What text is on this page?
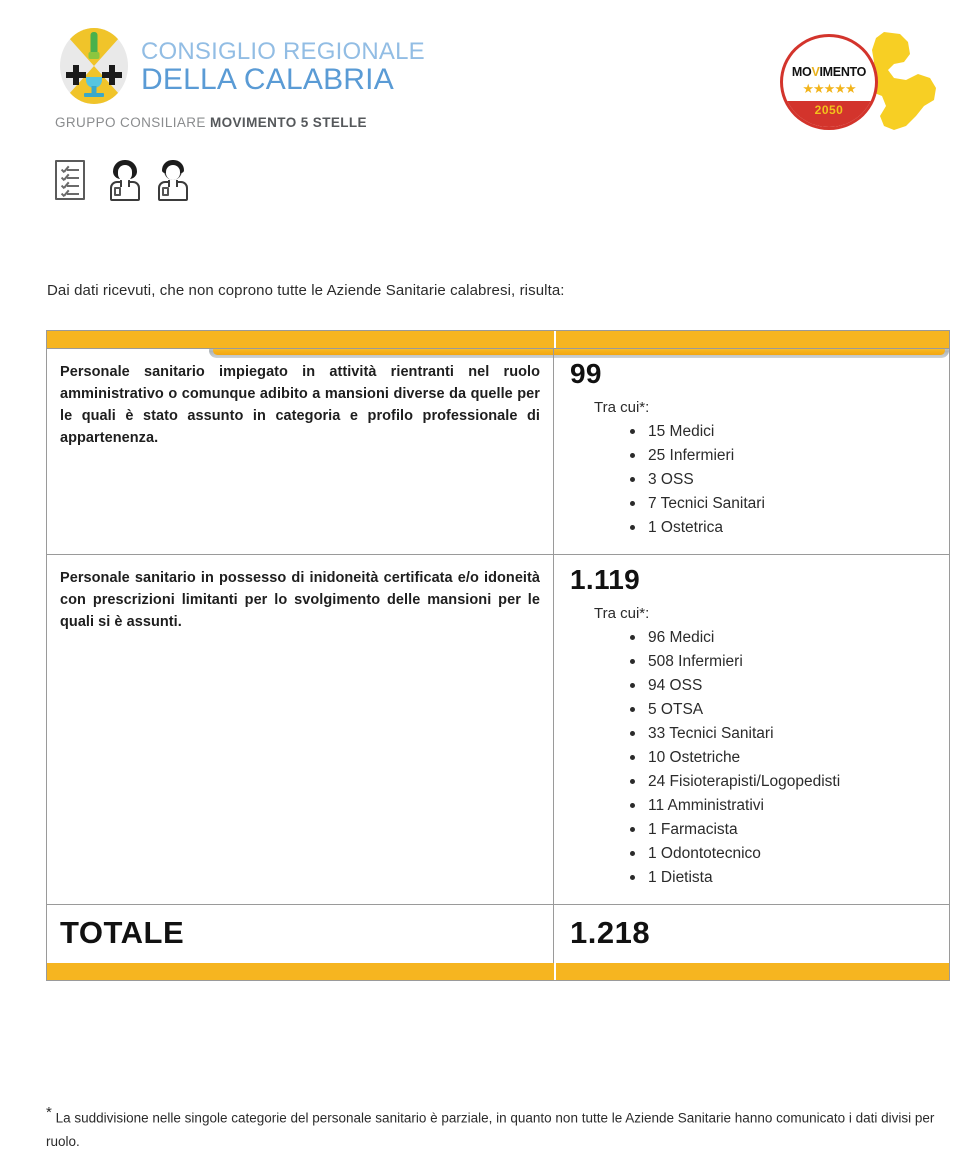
CONSIGLIO REGIONALE
DELLA CALABRIA
GRUPPO CONSILIARE MOVIMENTO 5 STELLE
MOVIMENTO
★★★★★
2050
Dai dati ricevuti, che non coprono tutte le Aziende Sanitarie calabresi, risulta:
Personale sanitario impiegato in attività rientranti nel ruolo amministrativo o comunque adibito a mansioni diverse da quelle per le quali è stato assunto in categoria e profilo professionale di appartenenza.
99
Tra cui*:
15 Medici
25 Infermieri
3 OSS
7 Tecnici Sanitari
1 Ostetrica
Personale sanitario in possesso di inidoneità certificata e/o idoneità con prescrizioni limitanti per lo svolgimento delle mansioni per le quali si è assunti.
1.119
Tra cui*:
96 Medici
508 Infermieri
94 OSS
5 OTSA
33 Tecnici Sanitari
10 Ostetriche
24 Fisioterapisti/Logopedisti
11 Amministrativi
1 Farmacista
1 Odontotecnico
1 Dietista
TOTALE	1.218
* La suddivisione nelle singole categorie del personale sanitario è parziale, in quanto non tutte le Aziende Sanitarie hanno comunicato i dati divisi per ruolo.
